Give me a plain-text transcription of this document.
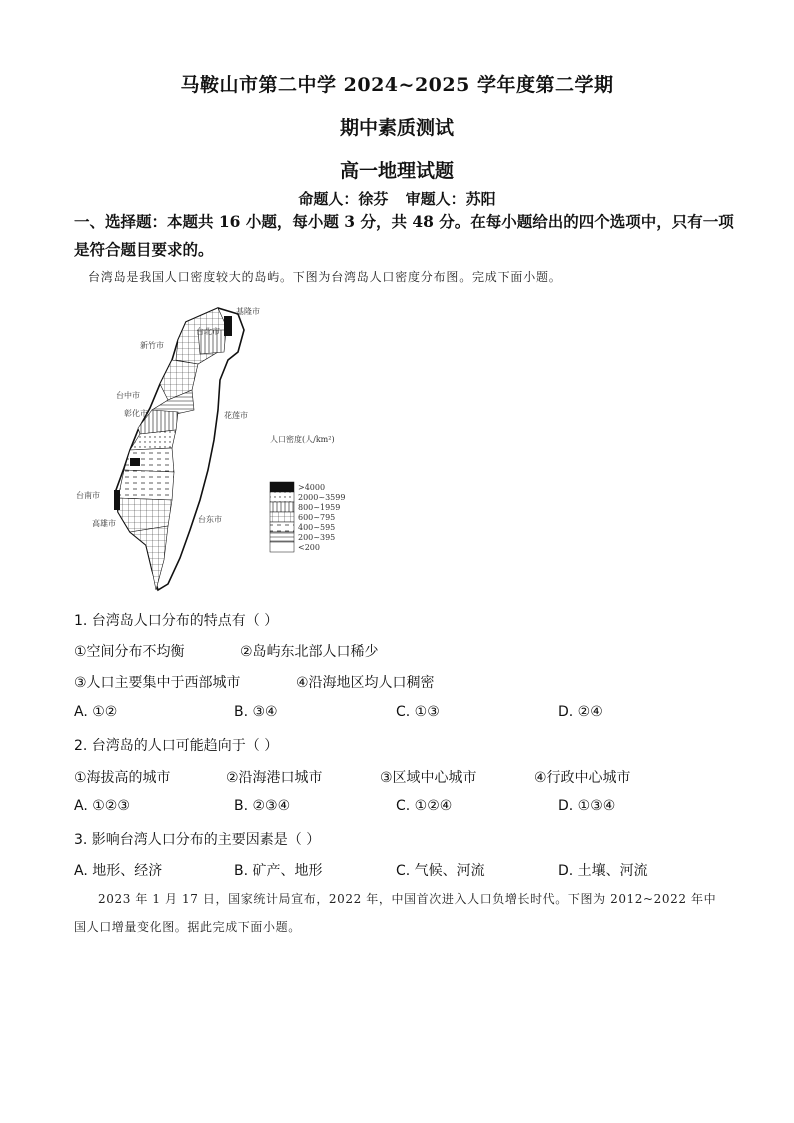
马鞍山市第二中学 2024~2025 学年度第二学期
期中素质测试
高一地理试题
命题人：徐芬 审题人：苏阳
一、选择题：本题共 16 小题，每小题 3 分，共 48 分。在每小题给出的四个选项中，只有一项是符合题目要求的。
台湾岛是我国人口密度较大的岛屿。下图为台湾岛人口密度分布图。完成下面小题。
基隆市
台北市
新竹市
台中市
彰化市	花莲市
台南市
高雄市	台东市
人口密度(人/km²)
>4000
2000~3599
800~1959
600~795
400~595
200~395
<200
1. 台湾岛人口分布的特点有（ ）
①空间分布不均衡	②岛屿东北部人口稀少
③人口主要集中于西部城市	④沿海地区均人口稠密
A. ①②	B. ③④	C. ①③	D. ②④
2. 台湾岛的人口可能趋向于（ ）
①海拔高的城市	②沿海港口城市	③区域中心城市	④行政中心城市
A. ①②③	B. ②③④	C. ①②④	D. ①③④
3. 影响台湾人口分布的主要因素是（ ）
A. 地形、经济	B. 矿产、地形	C. 气候、河流	D. 土壤、河流
2023 年 1 月 17 日，国家统计局宣布，2022 年，中国首次进入人口负增长时代。下图为 2012~2022 年中国人口增量变化图。据此完成下面小题。
